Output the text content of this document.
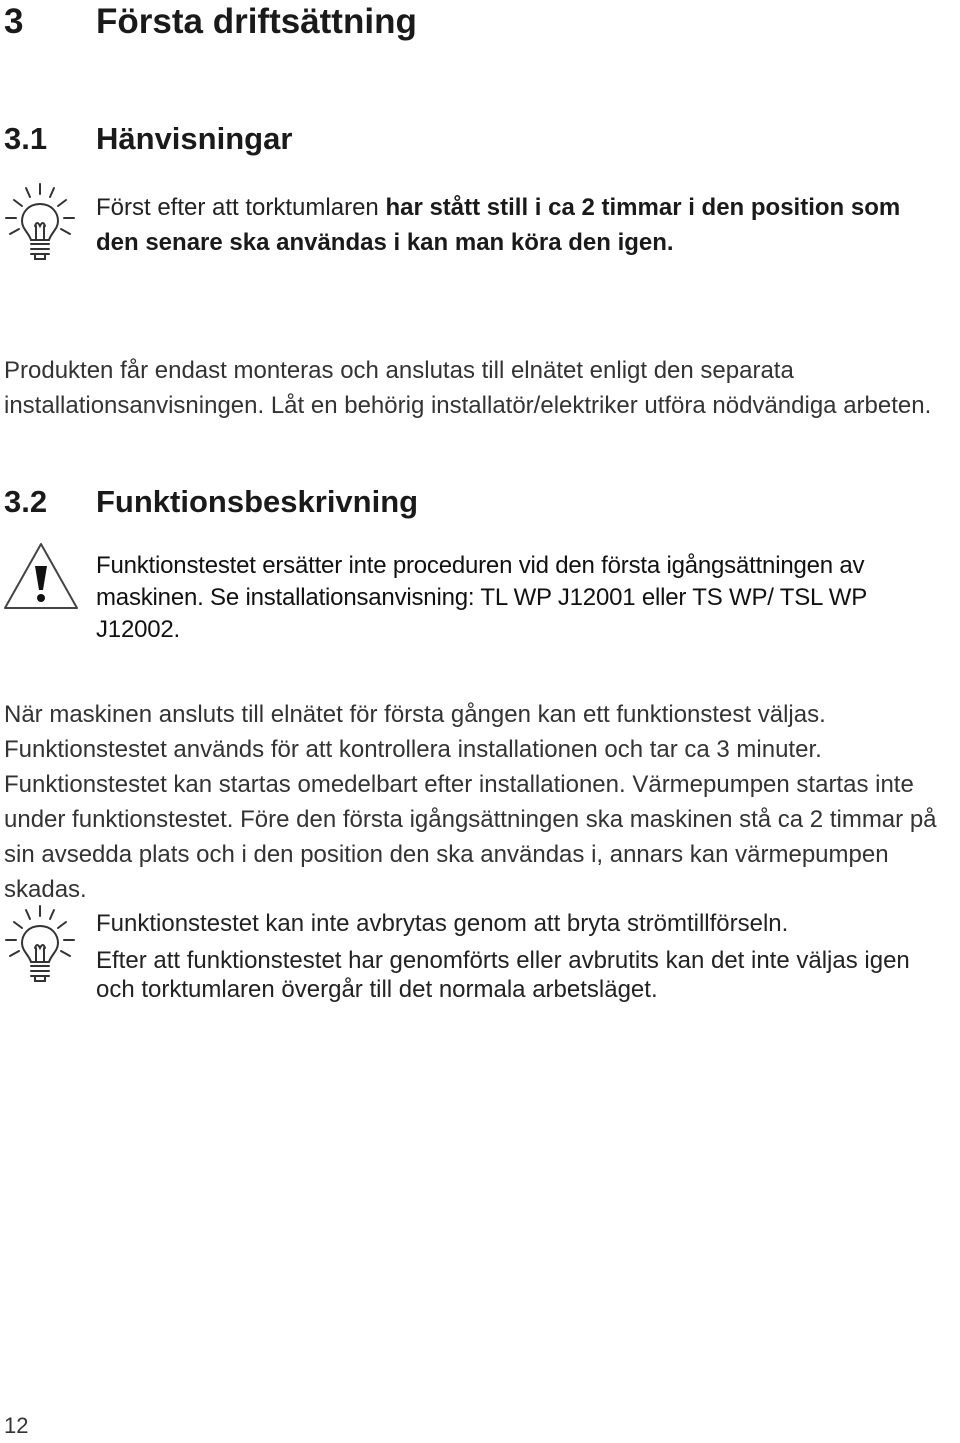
3 Första driftsättning
3.1 Hänvisningar
Först efter att torktumlaren har stått still i ca 2 timmar i den position som den senare ska användas i kan man köra den igen.
Produkten får endast monteras och anslutas till elnätet enligt den separata installationsanvisningen. Låt en behörig installatör/elektriker utföra nödvändiga arbeten.
3.2 Funktionsbeskrivning
Funktionstestet ersätter inte proceduren vid den första igångsättningen av maskinen. Se installationsanvisning: TL WP J12001 eller TS WP/ TSL WP J12002.
När maskinen ansluts till elnätet för första gången kan ett funktionstest väljas. Funktionstestet används för att kontrollera installationen och tar ca 3 minuter. Funktionstestet kan startas omedelbart efter installationen. Värmepumpen startas inte under funktionstestet. Före den första igångsättningen ska maskinen stå ca 2 timmar på sin avsedda plats och i den position den ska användas i, annars kan värmepumpen skadas.
Funktionstestet kan inte avbrytas genom att bryta strömtillförseln.
Efter att funktionstestet har genomförts eller avbrutits kan det inte väljas igen och torktumlaren övergår till det normala arbetsläget.
12
